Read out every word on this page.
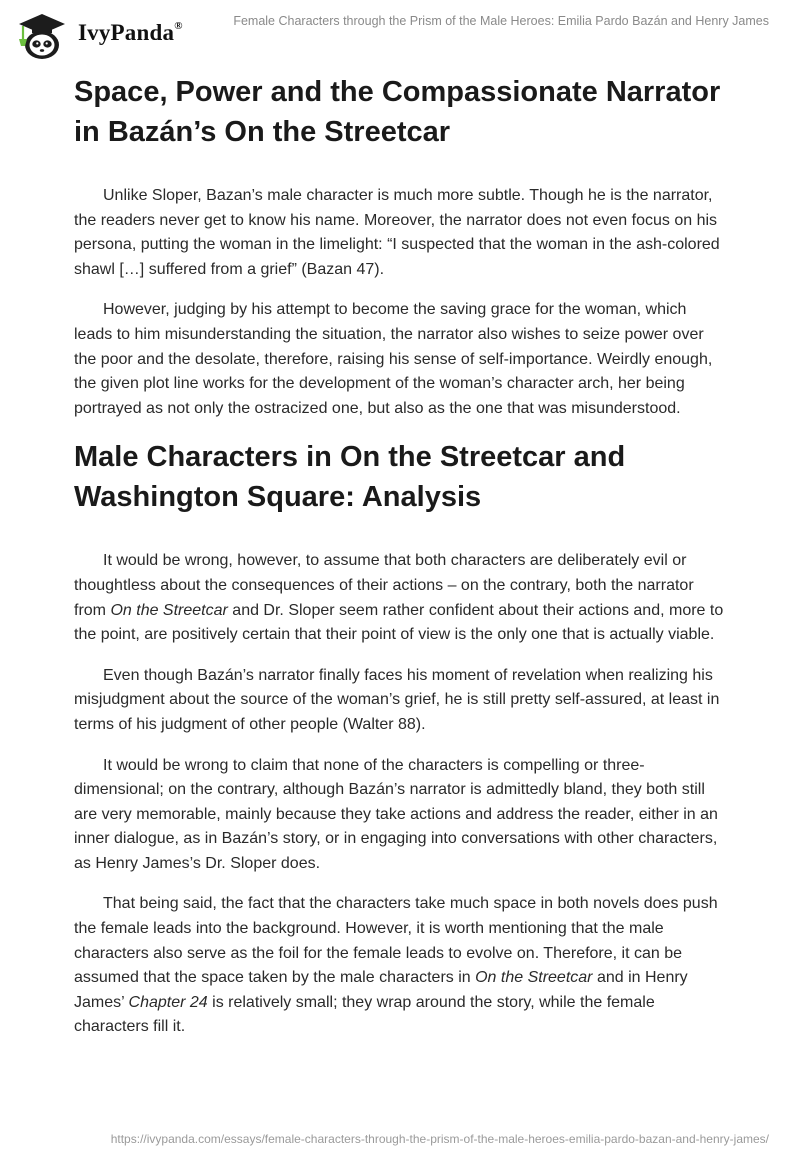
IvyPanda®	Female Characters through the Prism of the Male Heroes: Emilia Pardo Bazán and Henry James
Space, Power and the Compassionate Narrator in Bazán’s On the Streetcar

Unlike Sloper, Bazan’s male character is much more subtle. Though he is the narrator, the readers never get to know his name. Moreover, the narrator does not even focus on his persona, putting the woman in the limelight: “I suspected that the woman in the ash-colored shawl […] suffered from a grief” (Bazan 47).

However, judging by his attempt to become the saving grace for the woman, which leads to him misunderstanding the situation, the narrator also wishes to seize power over the poor and the desolate, therefore, raising his sense of self-importance. Weirdly enough, the given plot line works for the development of the woman’s character arch, her being portrayed as not only the ostracized one, but also as the one that was misunderstood.

Male Characters in On the Streetcar and Washington Square: Analysis

It would be wrong, however, to assume that both characters are deliberately evil or thoughtless about the consequences of their actions – on the contrary, both the narrator from On the Streetcar and Dr. Sloper seem rather confident about their actions and, more to the point, are positively certain that their point of view is the only one that is actually viable.

Even though Bazán’s narrator finally faces his moment of revelation when realizing his misjudgment about the source of the woman’s grief, he is still pretty self-assured, at least in terms of his judgment of other people (Walter 88).

It would be wrong to claim that none of the characters is compelling or three-dimensional; on the contrary, although Bazán’s narrator is admittedly bland, they both still are very memorable, mainly because they take actions and address the reader, either in an inner dialogue, as in Bazán’s story, or in engaging into conversations with other characters, as Henry James’s Dr. Sloper does.

That being said, the fact that the characters take much space in both novels does push the female leads into the background. However, it is worth mentioning that the male characters also serve as the foil for the female leads to evolve on. Therefore, it can be assumed that the space taken by the male characters in On the Streetcar and in Henry James’ Chapter 24 is relatively small; they wrap around the story, while the female characters fill it.

https://ivypanda.com/essays/female-characters-through-the-prism-of-the-male-heroes-emilia-pardo-bazan-and-henry-james/
